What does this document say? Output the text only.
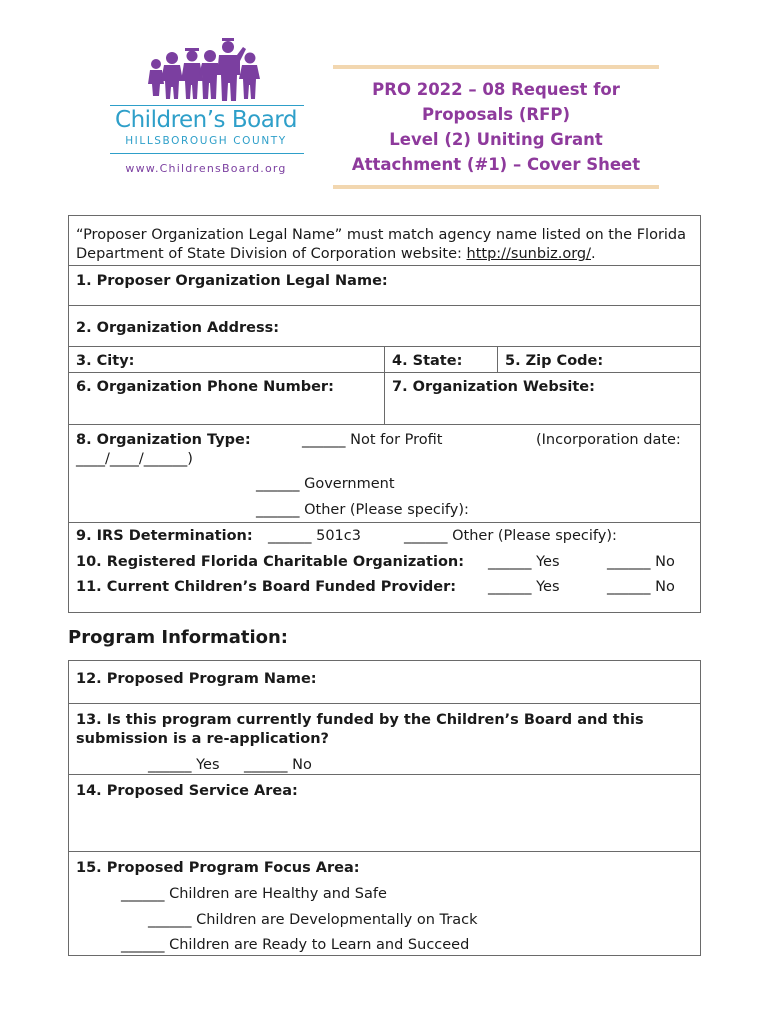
Children’s Board
HILLSBOROUGH COUNTY
www.ChildrensBoard.org
PRO 2022 – 08 Request for
Proposals (RFP)
Level (2) Uniting Grant
Attachment (#1) – Cover Sheet
“Proposer Organization Legal Name” must match agency name listed on the Florida Department of State Division of Corporation website: http://sunbiz.org/.
1. Proposer Organization Legal Name:
2. Organization Address:
3. City:	4. State:	5. Zip Code:
6. Organization Phone Number:	7. Organization Website:
8. Organization Type:	______ Not for Profit	(Incorporation date:
____/____/______)
______ Government
______ Other (Please specify):
9. IRS Determination: ______ 501c3	______ Other (Please specify):
10. Registered Florida Charitable Organization: ______ Yes	______ No
11. Current Children’s Board Funded Provider: ______ Yes	______ No
Program Information:
12. Proposed Program Name:
13. Is this program currently funded by the Children’s Board and this submission is a re-application?
______ Yes ______ No
14. Proposed Service Area:
15. Proposed Program Focus Area:
______ Children are Healthy and Safe
______ Children are Developmentally on Track
______ Children are Ready to Learn and Succeed
